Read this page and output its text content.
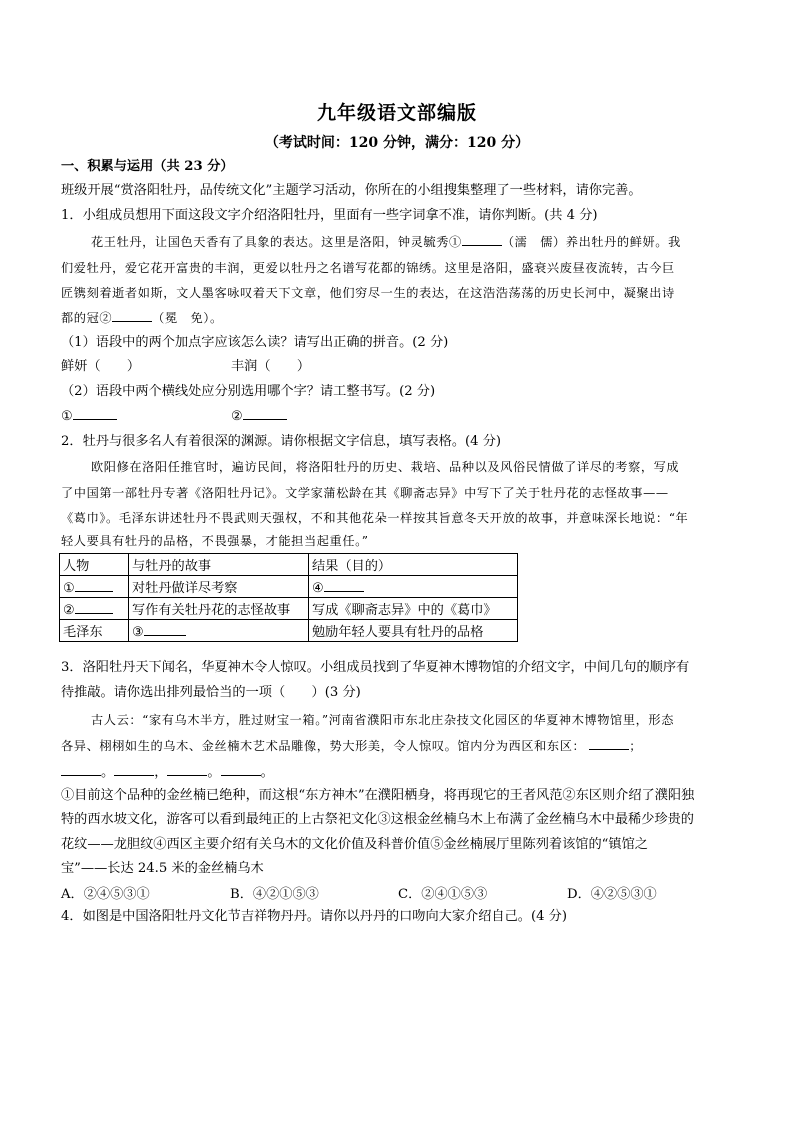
九年级语文部编版
（考试时间：120 分钟，满分：120 分）
一、积累与运用（共 23 分）
班级开展“赏洛阳牡丹，品传统文化”主题学习活动，你所在的小组搜集整理了一些材料，请你完善。
1．小组成员想用下面这段文字介绍洛阳牡丹，里面有一些字词拿不准，请你判断。(共 4 分)
花王牡丹，让国色天香有了具象的表达。这里是洛阳，钟灵毓秀①	（濡　儒）养出牡丹的鲜妍。我
们爱牡丹，爱它花开富贵的丰润，更爱以牡丹之名谱写花都的锦绣。这里是洛阳，盛衰兴废昼夜流转，古今巨
匠镌刻着逝者如斯，文人墨客咏叹着天下文章，他们穷尽一生的表达，在这浩浩荡荡的历史长河中，凝聚出诗
都的冠②	（冕　免）。
（1）语段中的两个加点字应该怎么读？请写出正确的拼音。(2 分)
鲜妍（　　）	丰润（　　）
（2）语段中两个横线处应分别选用哪个字？请工整书写。(2 分)
①	②
2．牡丹与很多名人有着很深的渊源。请你根据文字信息，填写表格。(4 分)
欧阳修在洛阳任推官时，遍访民间，将洛阳牡丹的历史、栽培、品种以及风俗民情做了详尽的考察，写成
了中国第一部牡丹专著《洛阳牡丹记》。文学家蒲松龄在其《聊斋志异》中写下了关于牡丹花的志怪故事——
《葛巾》。毛泽东讲述牡丹不畏武则天强权，不和其他花朵一样按其旨意冬天开放的故事，并意味深长地说：“年
轻人要具有牡丹的品格，不畏强暴，才能担当起重任。”
人物	与牡丹的故事	结果（目的）
①	对牡丹做详尽考察	④
②	写作有关牡丹花的志怪故事	写成《聊斋志异》中的《葛巾》
毛泽东	③	勉励年轻人要具有牡丹的品格
3．洛阳牡丹天下闻名，华夏神木令人惊叹。小组成员找到了华夏神木博物馆的介绍文字，中间几句的顺序有
待推敲。请你选出排列最恰当的一项（　　）(3 分)
古人云：“家有乌木半方，胜过财宝一箱。”河南省濮阳市东北庄杂技文化园区的华夏神木博物馆里，形态
各异、栩栩如生的乌木、金丝楠木艺术品雕像，势大形美，令人惊叹。馆内分为西区和东区：	；
。	，	。	。
①目前这个品种的金丝楠已绝种，而这根“东方神木”在濮阳栖身，将再现它的王者风范②东区则介绍了濮阳独
特的西水坡文化，游客可以看到最纯正的上古祭祀文化③这根金丝楠乌木上布满了金丝楠乌木中最稀少珍贵的
花纹——龙胆纹④西区主要介绍有关乌木的文化价值及科普价值⑤金丝楠展厅里陈列着该馆的“镇馆之
宝”——长达 24.5 米的金丝楠乌木
A．②④⑤③①	B．④②①⑤③	C．②④①⑤③	D．④②⑤③①
4．如图是中国洛阳牡丹文化节吉祥物丹丹。请你以丹丹的口吻向大家介绍自己。(4 分)
